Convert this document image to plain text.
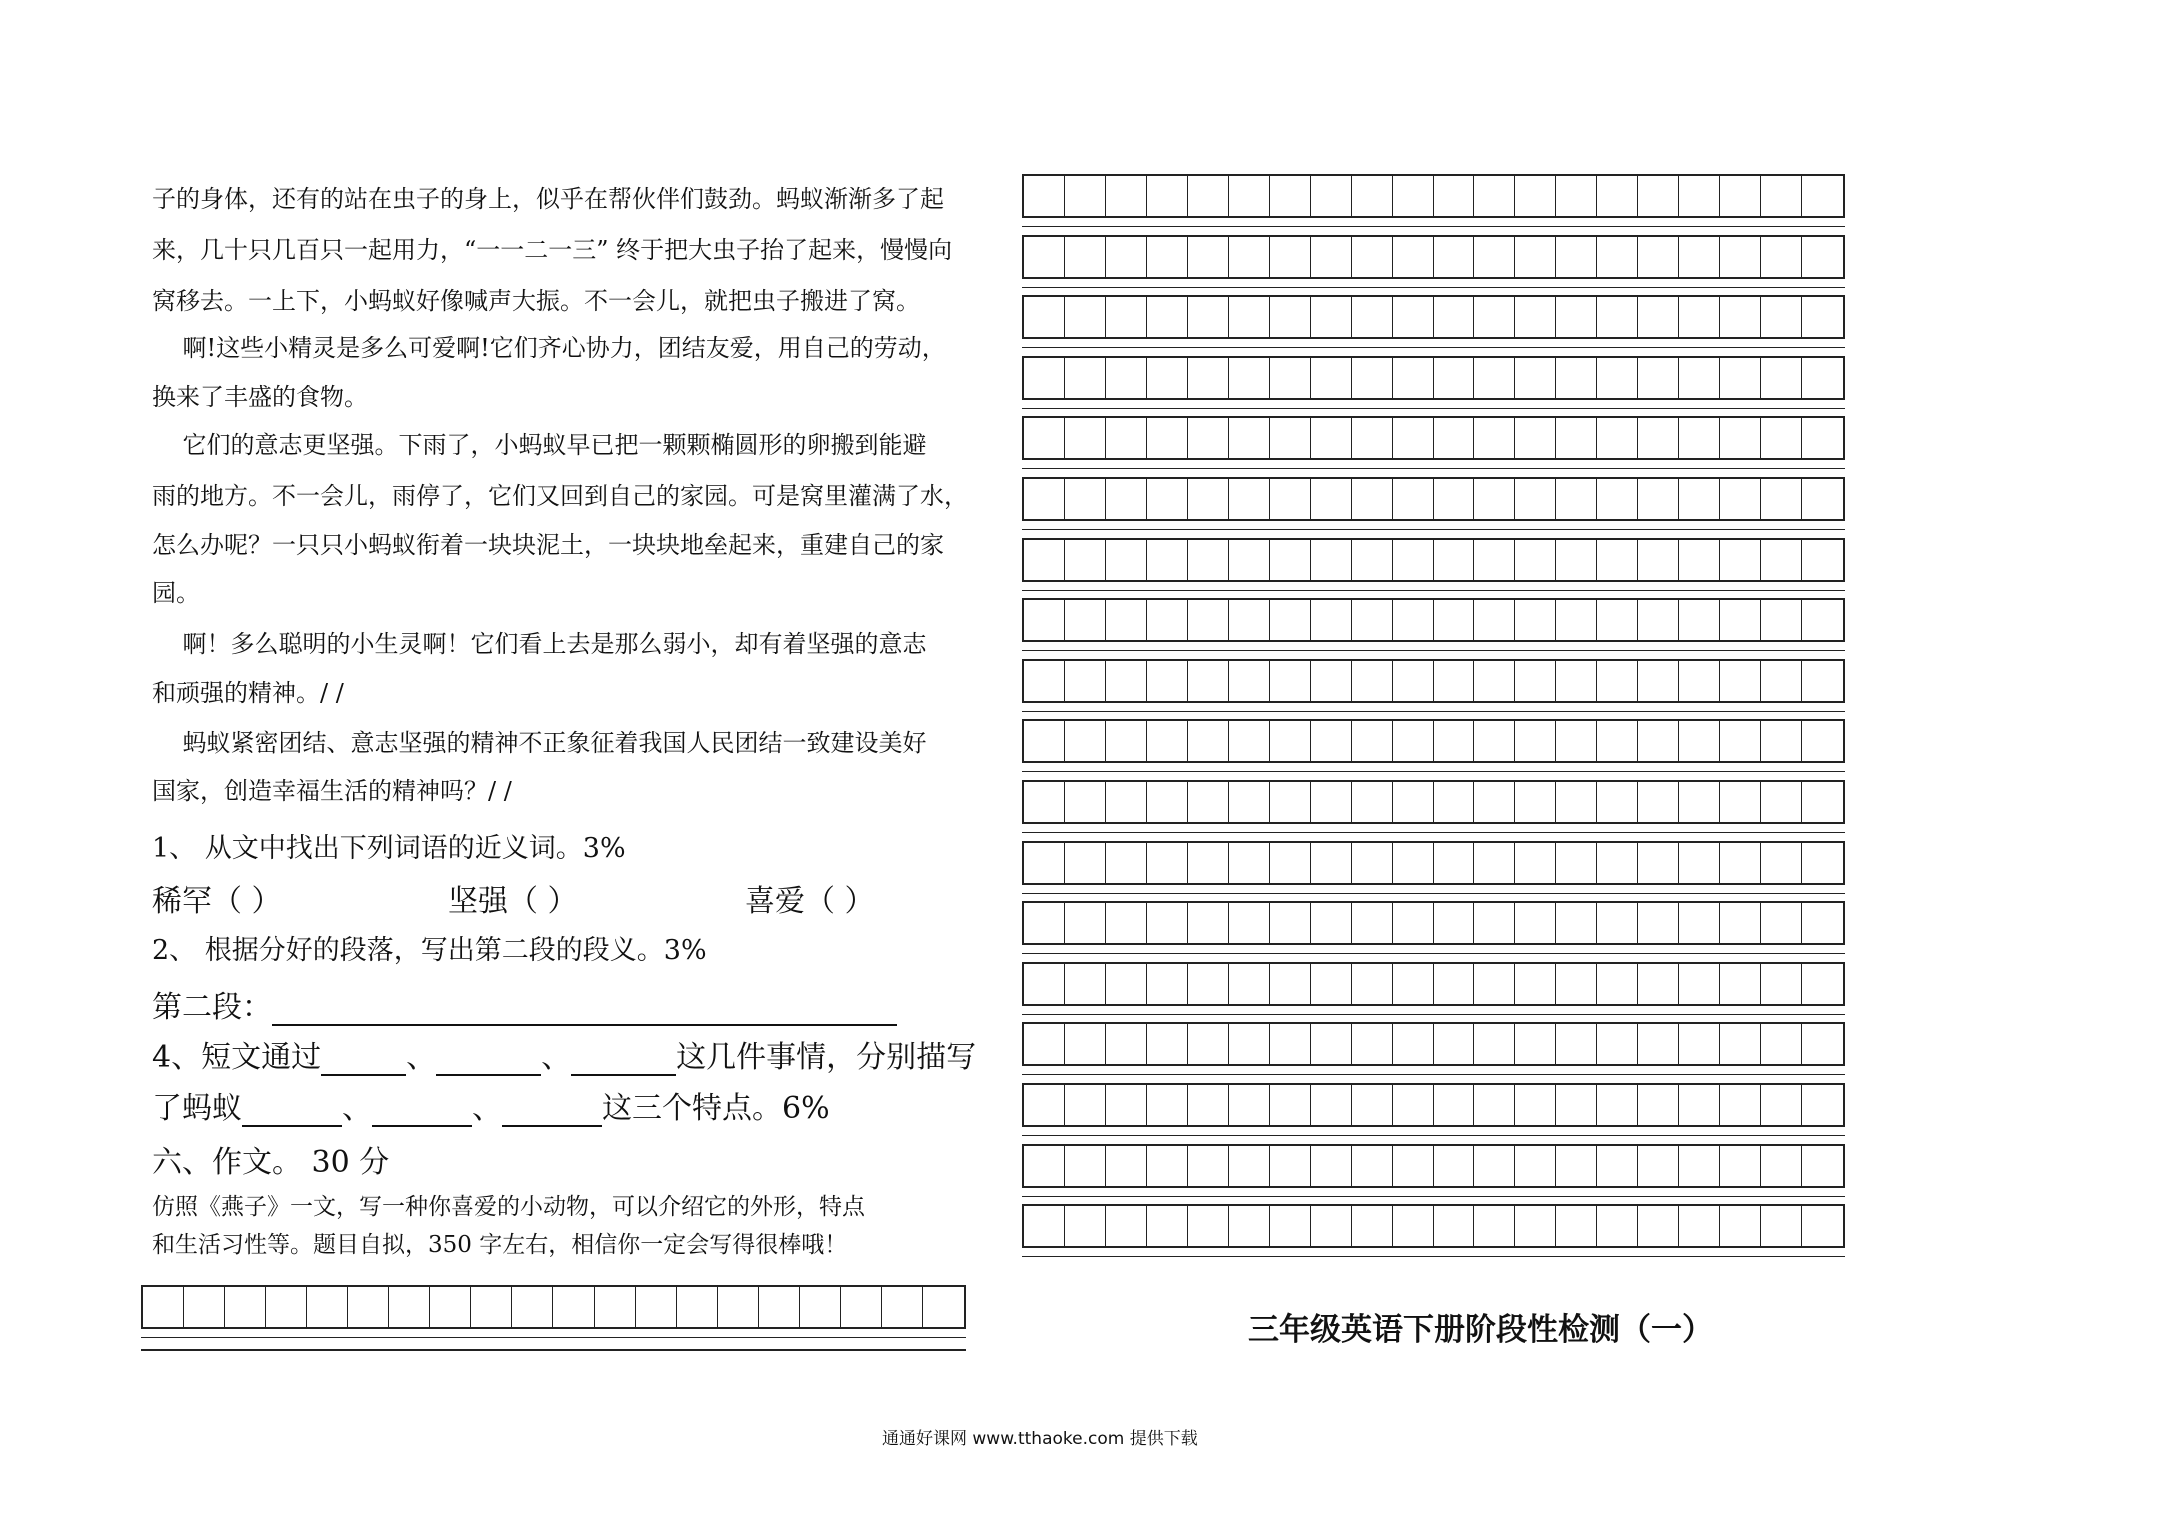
子的身体，还有的站在虫子的身上，似乎在帮伙伴们鼓劲。蚂蚁渐渐多了起
来，几十只几百只一起用力，“一一二一三” 终于把大虫子抬了起来，慢慢向
窝移去。一上下，小蚂蚁好像喊声大振。不一会儿，就把虫子搬进了窝。
啊!这些小精灵是多么可爱啊!它们齐心协力，团结友爱，用自己的劳动，
换来了丰盛的食物。
它们的意志更坚强。下雨了，小蚂蚁早已把一颗颗椭圆形的卵搬到能避
雨的地方。不一会儿，雨停了，它们又回到自己的家园。可是窝里灌满了水，
怎么办呢？一只只小蚂蚁衔着一块块泥土，一块块地垒起来，重建自己的家
园。
啊！多么聪明的小生灵啊！它们看上去是那么弱小，却有着坚强的意志
和顽强的精神。/ /
蚂蚁紧密团结、意志坚强的精神不正象征着我国人民团结一致建设美好
国家，创造幸福生活的精神吗？/ /
1、 从文中找出下列词语的近义词。3%
稀罕（ ）	坚强（ ）	喜爱（ ）
2、 根据分好的段落，写出第二段的段义。3%
第二段：
4、短文通过	、	、	这几件事情，分别描写
了蚂蚁	、	、	这三个特点。6%
六、作文。 30 分
仿照《燕子》一文，写一种你喜爱的小动物，可以介绍它的外形，特点
和生活习性等。题目自拟，350 字左右，相信你一定会写得很棒哦！
三年级英语下册阶段性检测（一）
通通好课网 www.tthaoke.com 提供下载
